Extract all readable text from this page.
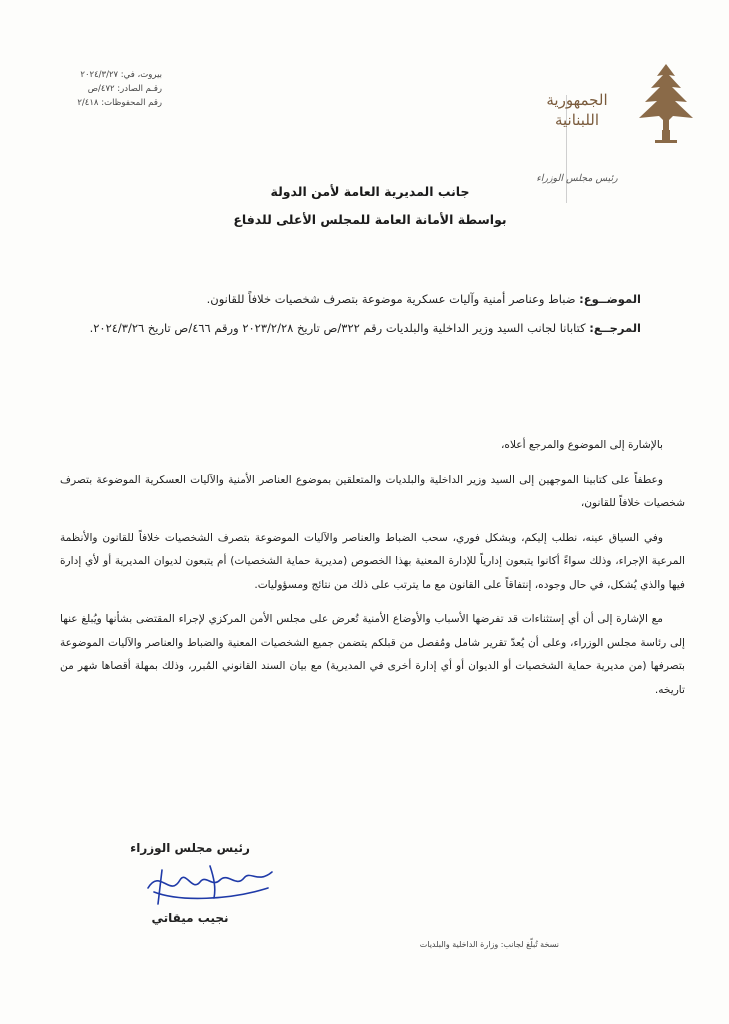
بيروت، في: ٢٠٢٤/٣/٢٧
رقـم الصادر: ٤٧٢/ص
رقم المحفوظات: ٢/٤١٨	الجمهورية
اللبنانية
رئيس مجلس الوزراء
جانب المديرية العامة لأمن الدولة
بواسطة الأمانة العامة للمجلس الأعلى للدفاع
الموضــوع: ضباط وعناصر أمنية وآليات عسكرية موضوعة بتصرف شخصيات خلافاً للقانون.
المرجــع: كتابانا لجانب السيد وزير الداخلية والبلديات رقم ٣٢٢/ص تاريخ ٢٠٢٣/٢/٢٨ ورقم ٤٦٦/ص تاريخ ٢٠٢٤/٣/٢٦.

بالإشارة إلى الموضوع والمرجع أعلاه،

وعطفاً على كتابينا الموجهين إلى السيد وزير الداخلية والبلديات والمتعلقين بموضوع العناصر الأمنية والآليات العسكرية الموضوعة بتصرف شخصيات خلافاً للقانون،

وفي السياق عينه، نطلب إليكم، وبشكل فوري، سحب الضباط والعناصر والآليات الموضوعة بتصرف الشخصيات خلافاً للقانون والأنظمة المرعية الإجراء، وذلك سواءً أكانوا يتبعون إدارياً للإدارة المعنية بهذا الخصوص (مديرية حماية الشخصيات) أم يتبعون لديوان المديرية أو لأي إدارة فيها والذي يُشكل، في حال وجوده، إنتفاقاً على القانون مع ما يترتب على ذلك من نتائج ومسؤوليات.

مع الإشارة إلى أن أي إستثناءات قد تفرضها الأسباب والأوضاع الأمنية تُعرض على مجلس الأمن المركزي لإجراء المقتضى بشأنها ويُبلغ عنها إلى رئاسة مجلس الوزراء، وعلى أن يُعدّ تقرير شامل ومُفصل من قبلكم يتضمن جميع الشخصيات المعنية والضباط والعناصر والآليات الموضوعة بتصرفها (من مديرية حماية الشخصيات أو الديوان أو أي إدارة أخرى في المديرية) مع بيان السند القانوني المُبرر، وذلك بمهلة أقصاها شهر من تاريخه.

رئيس مجلس الوزراء
نجيب ميقاتي
نسخة تُبلّغ لجانب: وزارة الداخلية والبلديات
